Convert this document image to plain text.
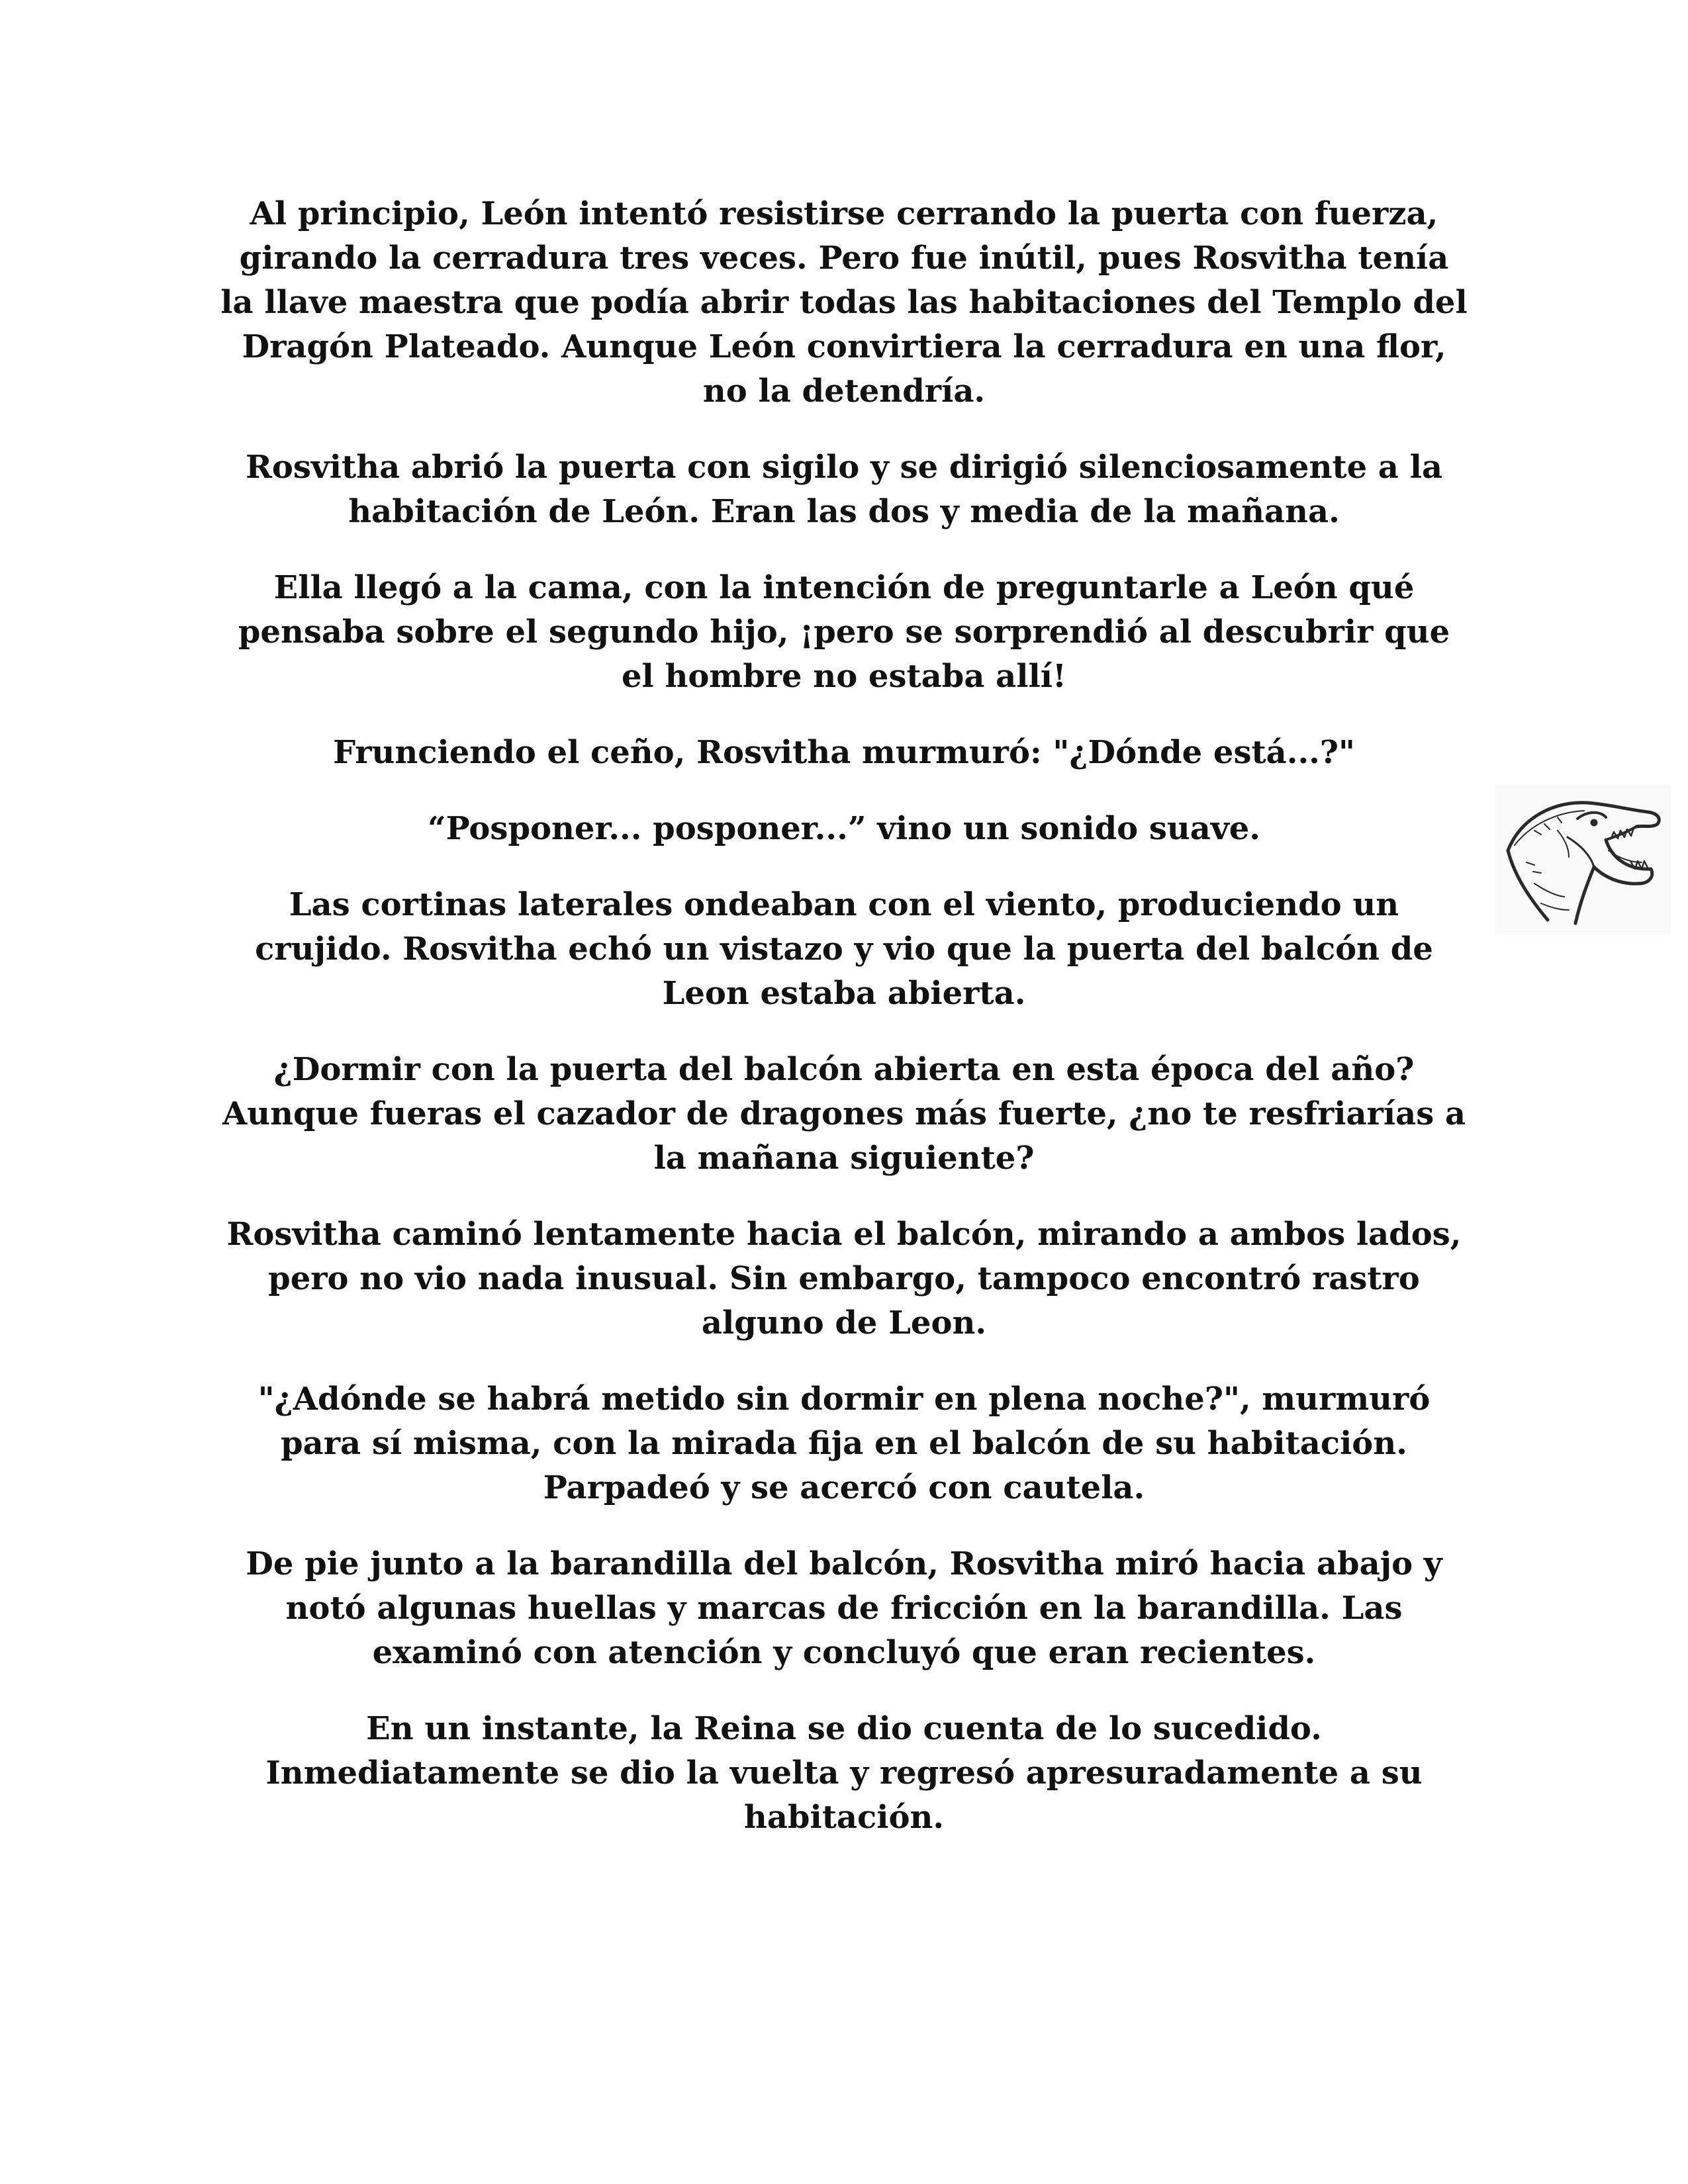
Al principio, León intentó resistirse cerrando la puerta con fuerza, girando la cerradura tres veces. Pero fue inútil, pues Rosvitha tenía la llave maestra que podía abrir todas las habitaciones del Templo del Dragón Plateado. Aunque León convirtiera la cerradura en una flor, no la detendría.

Rosvitha abrió la puerta con sigilo y se dirigió silenciosamente a la habitación de León. Eran las dos y media de la mañana.

Ella llegó a la cama, con la intención de preguntarle a León qué pensaba sobre el segundo hijo, ¡pero se sorprendió al descubrir que el hombre no estaba allí!

Frunciendo el ceño, Rosvitha murmuró: "¿Dónde está...?"

“Posponer... posponer...” vino un sonido suave.

Las cortinas laterales ondeaban con el viento, produciendo un crujido. Rosvitha echó un vistazo y vio que la puerta del balcón de Leon estaba abierta.

¿Dormir con la puerta del balcón abierta en esta época del año? Aunque fueras el cazador de dragones más fuerte, ¿no te resfriarías a la mañana siguiente?

Rosvitha caminó lentamente hacia el balcón, mirando a ambos lados, pero no vio nada inusual. Sin embargo, tampoco encontró rastro alguno de Leon.

"¿Adónde se habrá metido sin dormir en plena noche?", murmuró para sí misma, con la mirada fija en el balcón de su habitación. Parpadeó y se acercó con cautela.

De pie junto a la barandilla del balcón, Rosvitha miró hacia abajo y notó algunas huellas y marcas de fricción en la barandilla. Las examinó con atención y concluyó que eran recientes.

En un instante, la Reina se dio cuenta de lo sucedido. Inmediatamente se dio la vuelta y regresó apresuradamente a su habitación.
